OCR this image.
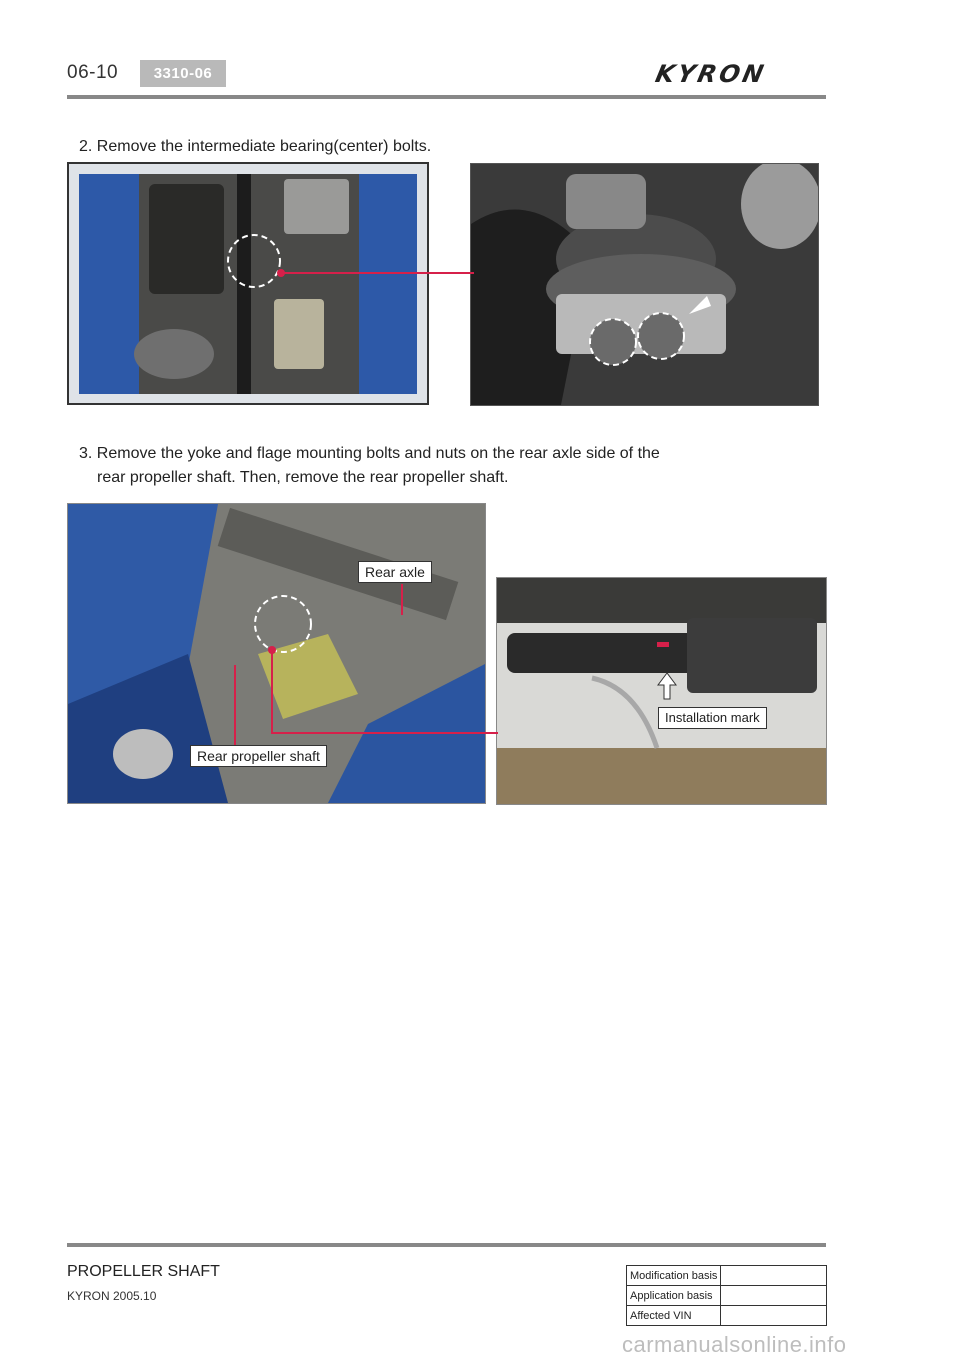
06-10	3310-06	KYRON
2. Remove the intermediate bearing(center) bolts.
3. Remove the yoke and flage mounting bolts and nuts on the rear axle side of the
rear propeller shaft. Then, remove the rear propeller shaft.
Rear axle
Installation mark
Rear propeller shaft
PROPELLER SHAFT
KYRON 2005.10
Modification basis	
Application basis	
Affected VIN	
carmanualsonline.info
